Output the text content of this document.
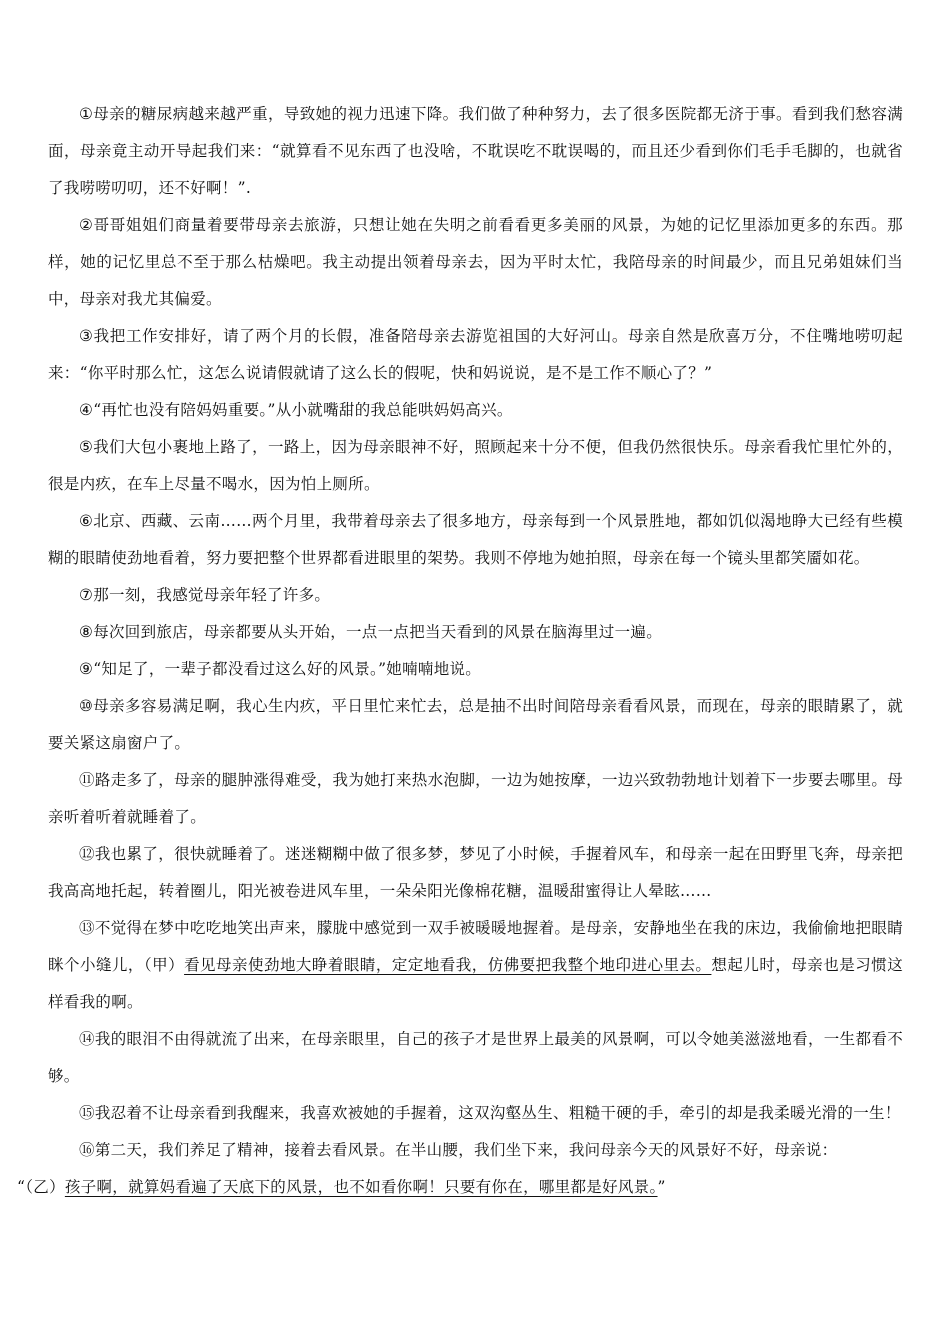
①母亲的糖尿病越来越严重，导致她的视力迅速下降。我们做了种种努力，去了很多医院都无济于事。看到我们愁容满面，母亲竟主动开导起我们来：“就算看不见东西了也没啥，不耽误吃不耽误喝的，而且还少看到你们毛手毛脚的，也就省了我唠唠叨叨，还不好啊！”.

②哥哥姐姐们商量着要带母亲去旅游，只想让她在失明之前看看更多美丽的风景，为她的记忆里添加更多的东西。那样，她的记忆里总不至于那么枯燥吧。我主动提出领着母亲去，因为平时太忙，我陪母亲的时间最少，而且兄弟姐妹们当中，母亲对我尤其偏爱。

③我把工作安排好，请了两个月的长假，准备陪母亲去游览祖国的大好河山。母亲自然是欣喜万分，不住嘴地唠叨起来：“你平时那么忙，这怎么说请假就请了这么长的假呢，快和妈说说，是不是工作不顺心了？”

④“再忙也没有陪妈妈重要。”从小就嘴甜的我总能哄妈妈高兴。

⑤我们大包小裹地上路了，一路上，因为母亲眼神不好，照顾起来十分不便，但我仍然很快乐。母亲看我忙里忙外的，很是内疚，在车上尽量不喝水，因为怕上厕所。

⑥北京、西藏、云南……两个月里，我带着母亲去了很多地方，母亲每到一个风景胜地，都如饥似渴地睁大已经有些模糊的眼睛使劲地看着，努力要把整个世界都看进眼里的架势。我则不停地为她拍照，母亲在每一个镜头里都笑靥如花。

⑦那一刻，我感觉母亲年轻了许多。

⑧每次回到旅店，母亲都要从头开始，一点一点把当天看到的风景在脑海里过一遍。

⑨“知足了，一辈子都没看过这么好的风景。”她喃喃地说。

⑩母亲多容易满足啊，我心生内疚，平日里忙来忙去，总是抽不出时间陪母亲看看风景，而现在，母亲的眼睛累了，就要关紧这扇窗户了。

⑪路走多了，母亲的腿肿涨得难受，我为她打来热水泡脚，一边为她按摩，一边兴致勃勃地计划着下一步要去哪里。母亲听着听着就睡着了。

⑫我也累了，很快就睡着了。迷迷糊糊中做了很多梦，梦见了小时候，手握着风车，和母亲一起在田野里飞奔，母亲把我高高地托起，转着圈儿，阳光被卷进风车里，一朵朵阳光像棉花糖，温暖甜蜜得让人晕眩……

⑬不觉得在梦中吃吃地笑出声来，朦胧中感觉到一双手被暖暖地握着。是母亲，安静地坐在我的床边，我偷偷地把眼睛眯个小缝儿，（甲）看见母亲使劲地大睁着眼睛，定定地看我，仿佛要把我整个地印进心里去。想起儿时，母亲也是习惯这样看我的啊。

⑭我的眼泪不由得就流了出来，在母亲眼里，自己的孩子才是世界上最美的风景啊，可以令她美滋滋地看，一生都看不够。

⑮我忍着不让母亲看到我醒来，我喜欢被她的手握着，这双沟壑丛生、粗糙干硬的手，牵引的却是我柔暖光滑的一生！

⑯第二天，我们养足了精神，接着去看风景。在半山腰，我们坐下来，我问母亲今天的风景好不好，母亲说：
“（乙）孩子啊，就算妈看遍了天底下的风景，也不如看你啊！只要有你在，哪里都是好风景。”
